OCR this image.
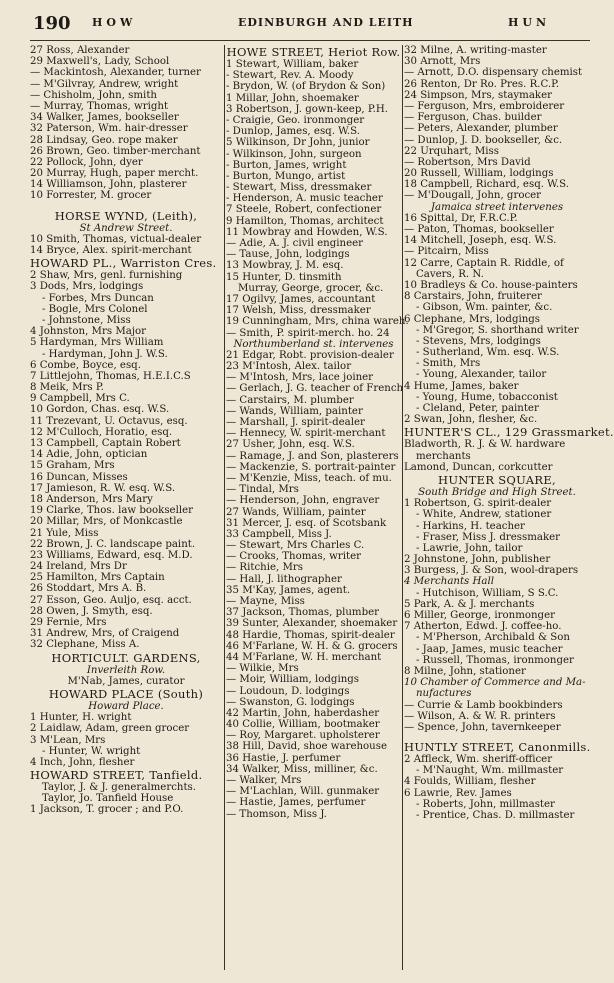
190 HOW	EDINBURGH AND LEITH	HUN
27 Ross, Alexander
29 Maxwell's, Lady, School
— Mackintosh, Alexander, turner
— M'Gilvray, Andrew, wright
— Chisholm, John, smith
— Murray, Thomas, wright
34 Walker, James, bookseller
32 Paterson, Wm. hair-dresser
28 Lindsay, Geo. rope maker
26 Brown, Geo. timber-merchant
22 Pollock, John, dyer
20 Murray, Hugh, paper mercht.
14 Williamson, John, plasterer
10 Forrester, M. grocer
HORSE WYND, (Leith),
St Andrew Street.
10 Smith, Thomas, victual-dealer
14 Bryce, Alex. spirit-merchant
HOWARD PL., Warriston Cres.
2 Shaw, Mrs, genl. furnishing
3 Dods, Mrs, lodgings
- Forbes, Mrs Duncan
- Bogle, Mrs Colonel
- Johnstone, Miss
4 Johnston, Mrs Major
5 Hardyman, Mrs William
- Hardyman, John J. W.S.
6 Combe, Boyce, esq.
7 Littlejohn, Thomas, H.E.I.C.S
8 Meik, Mrs P.
9 Campbell, Mrs C.
10 Gordon, Chas. esq. W.S.
11 Trezevant, U. Octavus, esq.
12 M'Culloch, Horatio, esq.
13 Campbell, Captain Robert
14 Adie, John, optician
15 Graham, Mrs
16 Duncan, Misses
17 Jamieson, R. W. esq. W.S.
18 Anderson, Mrs Mary
19 Clarke, Thos. law bookseller
20 Millar, Mrs, of Monkcastle
21 Yule, Miss
22 Brown, J. C. landscape paint.
23 Williams, Edward, esq. M.D.
24 Ireland, Mrs Dr
25 Hamilton, Mrs Captain
26 Stoddart, Mrs A. B.
27 Esson, Geo. Auljo, esq. acct.
28 Owen, J. Smyth, esq.
29 Fernie, Mrs
31 Andrew, Mrs, of Craigend
32 Clephane, Miss A.
HORTICULT. GARDENS,
Inverleith Row.
M'Nab, James, curator
HOWARD PLACE (South)
Howard Place.
1 Hunter, H. wright
2 Laidlaw, Adam, green grocer
3 M'Lean, Mrs
- Hunter, W. wright
4 Inch, John, flesher
HOWARD STREET, Tanfield.
Taylor, J. & J. generalmerchts.
Taylor, Jo. Tanfield House
1 Jackson, T. grocer ; and P.O.
HOWE STREET, Heriot Row.
1 Stewart, William, baker
- Stewart, Rev. A. Moody
- Brydon, W. (of Brydon & Son)
1 Millar, John, shoemaker
3 Robertson, J. gown-keep, P.H.
- Craigie, Geo. ironmonger
- Dunlop, James, esq. W.S.
5 Wilkinson, Dr John, junior
- Wilkinson, John, surgeon
- Burton, James, wright
- Burton, Mungo, artist
- Stewart, Miss, dressmaker
- Henderson, A. music teacher
7 Steele, Robert, confectioner
9 Hamilton, Thomas, architect
11 Mowbray and Howden, W.S.
— Adie, A. J. civil engineer
— Tause, John, lodgings
13 Mowbray, J. M. esq.
15 Hunter, D. tinsmith
Murray, George, grocer, &c.
17 Ogilvy, James, accountant
17 Welsh, Miss, dressmaker
19 Cunningham, Mrs, china wareh.
— Smith, P. spirit-merch. ho. 24
Northumberland st. intervenes
21 Edgar, Robt. provision-dealer
23 M'Intosh, Alex. tailor
— M'Intosh, Mrs, lace joiner
— Gerlach, J. G. teacher of French
— Carstairs, M. plumber
— Wands, William, painter
— Marshall, J. spirit-dealer
— Hennecy, W. spirit-merchant
27 Usher, John, esq. W.S.
— Ramage, J. and Son, plasterers
— Mackenzie, S. portrait-painter
— M'Kenzie, Miss, teach. of mu.
— Tindal, Mrs
— Henderson, John, engraver
27 Wands, William, painter
31 Mercer, J. esq. of Scotsbank
33 Campbell, Miss J.
— Stewart, Mrs Charles C.
— Crooks, Thomas, writer
— Ritchie, Mrs
— Hall, J. lithographer
35 M'Kay, James, agent.
— Mayne, Miss
37 Jackson, Thomas, plumber
39 Sunter, Alexander, shoemaker
48 Hardie, Thomas, spirit-dealer
46 M'Farlane, W. H. & G. grocers
44 M'Farlane, W. H. merchant
— Wilkie, Mrs
— Moir, William, lodgings
— Loudoun, D. lodgings
— Swanston, G. lodgings
42 Martin, John, haberdasher
40 Collie, William, bootmaker
— Roy, Margaret. upholsterer
38 Hill, David, shoe warehouse
36 Hastie, J. perfumer
34 Walker, Miss, milliner, &c.
— Walker, Mrs
— M'Lachlan, Will. gunmaker
— Hastie, James, perfumer
— Thomson, Miss J.
32 Milne, A. writing-master
30 Arnott, Mrs
— Arnott, D.O. dispensary chemist
26 Renton, Dr Ro. Pres. R.C.P.
24 Simpson, Mrs, staymaker
— Ferguson, Mrs, embroiderer
— Ferguson, Chas. builder
— Peters, Alexander, plumber
— Dunlop, J. D. bookseller, &c.
22 Urquhart, Miss
— Robertson, Mrs David
20 Russell, William, lodgings
18 Campbell, Richard, esq. W.S.
— M'Dougall, John, grocer
Jamaica street intervenes
16 Spittal, Dr, F.R.C.P.
— Paton, Thomas, bookseller
14 Mitchell, Joseph, esq. W.S.
— Pitcairn, Miss
12 Carre, Captain R. Riddle, of
Cavers, R. N.
10 Bradleys & Co. house-painters
8 Carstairs, John, fruiterer
- Gibson, Wm. painter, &c.
6 Clephane, Mrs, lodgings
- M'Gregor, S. shorthand writer
- Stevens, Mrs, lodgings
- Sutherland, Wm. esq. W.S.
- Smith, Mrs
- Young, Alexander, tailor
4 Hume, James, baker
- Young, Hume, tobacconist
- Cleland, Peter, painter
2 Swan, John, flesher, &c.
HUNTER'S CL., 129 Grassmarket.
Bladworth, R. J. & W. hardware
merchants
Lamond, Duncan, corkcutter
HUNTER SQUARE,
South Bridge and High Street.
1 Robertson, G. spirit-dealer
- White, Andrew, stationer
- Harkins, H. teacher
- Fraser, Miss J. dressmaker
- Lawrie, John, tailor
2 Johnstone, John, publisher
3 Burgess, J. & Son, wool-drapers
4 Merchants Hall
- Hutchison, William, S S.C.
5 Park, A. & J. merchants
6 Miller, George, ironmonger
7 Atherton, Edwd. J. coffee-ho.
- M'Pherson, Archibald & Son
- Jaap, James, music teacher
- Russell, Thomas, ironmonger
8 Milne, John, stationer
10 Chamber of Commerce and Ma-
nufactures
— Currie & Lamb bookbinders
— Wilson, A. & W. R. printers
— Spence, John, tavernkeeper
HUNTLY STREET, Canonmills.
2 Affleck, Wm. sheriff-officer
- M'Naught, Wm. millmaster
4 Foulds, William, flesher
6 Lawrie, Rev. James
- Roberts, John, millmaster
- Prentice, Chas. D. millmaster
